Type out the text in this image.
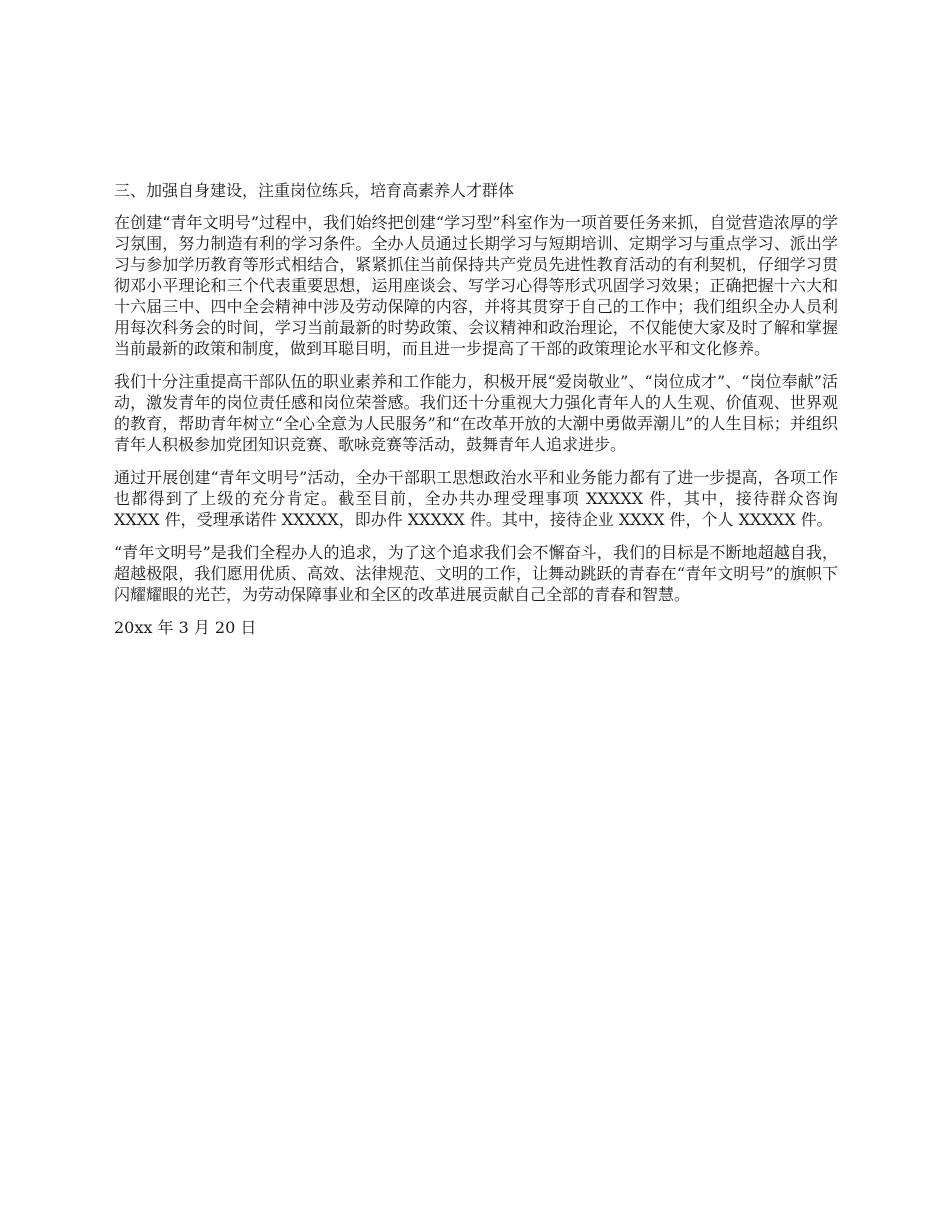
三、加强自身建设，注重岗位练兵，培育高素养人才群体

在创建“青年文明号”过程中，我们始终把创建“学习型”科室作为一项首要任务来抓，自觉营造浓厚的学习氛围，努力制造有利的学习条件。全办人员通过长期学习与短期培训、定期学习与重点学习、派出学习与参加学历教育等形式相结合，紧紧抓住当前保持共产党员先进性教育活动的有利契机，仔细学习贯彻邓小平理论和三个代表重要思想，运用座谈会、写学习心得等形式巩固学习效果；正确把握十六大和十六届三中、四中全会精神中涉及劳动保障的内容，并将其贯穿于自己的工作中；我们组织全办人员利用每次科务会的时间，学习当前最新的时势政策、会议精神和政治理论，不仅能使大家及时了解和掌握当前最新的政策和制度，做到耳聪目明，而且进一步提高了干部的政策理论水平和文化修养。

我们十分注重提高干部队伍的职业素养和工作能力，积极开展“爱岗敬业”、“岗位成才”、“岗位奉献”活动，激发青年的岗位责任感和岗位荣誉感。我们还十分重视大力强化青年人的人生观、价值观、世界观的教育，帮助青年树立“全心全意为人民服务”和“在改革开放的大潮中勇做弄潮儿”的人生目标；并组织青年人积极参加党团知识竞赛、歌咏竞赛等活动，鼓舞青年人追求进步。

通过开展创建“青年文明号”活动，全办干部职工思想政治水平和业务能力都有了进一步提高，各项工作也都得到了上级的充分肯定。截至目前，全办共办理受理事项 XXXXX 件，其中，接待群众咨询 XXXX 件，受理承诺件 XXXXX，即办件 XXXXX 件。其中，接待企业 XXXX 件，个人 XXXXX 件。

“青年文明号”是我们全程办人的追求，为了这个追求我们会不懈奋斗，我们的目标是不断地超越自我，超越极限，我们愿用优质、高效、法律规范、文明的工作，让舞动跳跃的青春在“青年文明号”的旗帜下闪耀耀眼的光芒，为劳动保障事业和全区的改革进展贡献自己全部的青春和智慧。

20xx 年 3 月 20 日
